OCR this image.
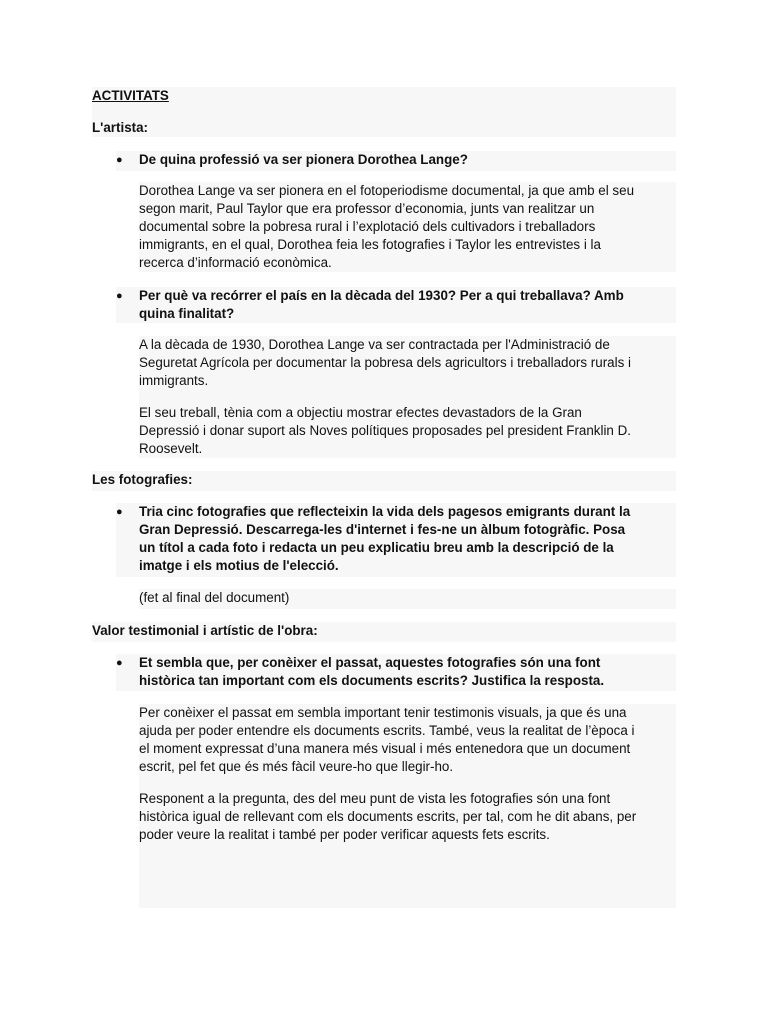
ACTIVITATS
L'artista:
● De quina professió va ser pionera Dorothea Lange?
Dorothea Lange va ser pionera en el fotoperiodisme documental, ja que amb el seu
segon marit, Paul Taylor que era professor d’economia, junts van realitzar un
documental sobre la pobresa rural i l’explotació dels cultivadors i treballadors
immigrants, en el qual, Dorothea feia les fotografies i Taylor les entrevistes i la
recerca d’informació econòmica.
● Per què va recórrer el país en la dècada del 1930? Per a qui treballava? Amb
quina finalitat?
A la dècada de 1930, Dorothea Lange va ser contractada per l'Administració de
Seguretat Agrícola per documentar la pobresa dels agricultors i treballadors rurals i
immigrants.
El seu treball, tènia com a objectiu mostrar efectes devastadors de la Gran
Depressió i donar suport als Noves polítiques proposades pel president Franklin D.
Roosevelt.
Les fotografies:
● Tria cinc fotografies que reflecteixin la vida dels pagesos emigrants durant la
Gran Depressió. Descarrega-les d'internet i fes-ne un àlbum fotogràfic. Posa
un títol a cada foto i redacta un peu explicatiu breu amb la descripció de la
imatge i els motius de l'elecció.
(fet al final del document)
Valor testimonial i artístic de l'obra:
● Et sembla que, per conèixer el passat, aquestes fotografies són una font
històrica tan important com els documents escrits? Justifica la resposta.
Per conèixer el passat em sembla important tenir testimonis visuals, ja que és una
ajuda per poder entendre els documents escrits. També, veus la realitat de l’època i
el moment expressat d’una manera més visual i més entenedora que un document
escrit, pel fet que és més fàcil veure-ho que llegir-ho.
Responent a la pregunta, des del meu punt de vista les fotografies són una font
històrica igual de rellevant com els documents escrits, per tal, com he dit abans, per
poder veure la realitat i també per poder verificar aquests fets escrits.
